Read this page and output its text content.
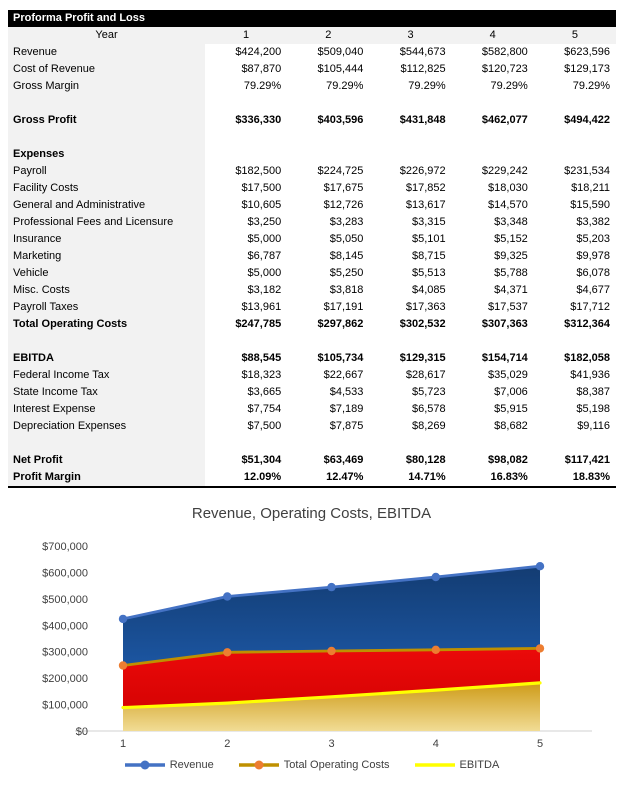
Proforma Profit and Loss
Year	1	2	3	4	5
Revenue	$424,200	$509,040	$544,673	$582,800	$623,596
Cost of Revenue	$87,870	$105,444	$112,825	$120,723	$129,173
Gross Margin	79.29%	79.29%	79.29%	79.29%	79.29%
Gross Profit	$336,330	$403,596	$431,848	$462,077	$494,422
Expenses
Payroll	$182,500	$224,725	$226,972	$229,242	$231,534
Facility Costs	$17,500	$17,675	$17,852	$18,030	$18,211
General and Administrative	$10,605	$12,726	$13,617	$14,570	$15,590
Professional Fees and Licensure	$3,250	$3,283	$3,315	$3,348	$3,382
Insurance	$5,000	$5,050	$5,101	$5,152	$5,203
Marketing	$6,787	$8,145	$8,715	$9,325	$9,978
Vehicle	$5,000	$5,250	$5,513	$5,788	$6,078
Misc. Costs	$3,182	$3,818	$4,085	$4,371	$4,677
Payroll Taxes	$13,961	$17,191	$17,363	$17,537	$17,712
Total Operating Costs	$247,785	$297,862	$302,532	$307,363	$312,364
EBITDA	$88,545	$105,734	$129,315	$154,714	$182,058
Federal Income Tax	$18,323	$22,667	$28,617	$35,029	$41,936
State Income Tax	$3,665	$4,533	$5,723	$7,006	$8,387
Interest Expense	$7,754	$7,189	$6,578	$5,915	$5,198
Depreciation Expenses	$7,500	$7,875	$8,269	$8,682	$9,116
Net Profit	$51,304	$63,469	$80,128	$98,082	$117,421
Profit Margin	12.09%	12.47%	14.71%	16.83%	18.83%
$0
$100,000
$200,000
$300,000
$400,000
$500,000
$600,000
$700,000
1	2	3	4	5
Revenue, Operating Costs, EBITDA
Revenue	Total Operating Costs	EBITDA
